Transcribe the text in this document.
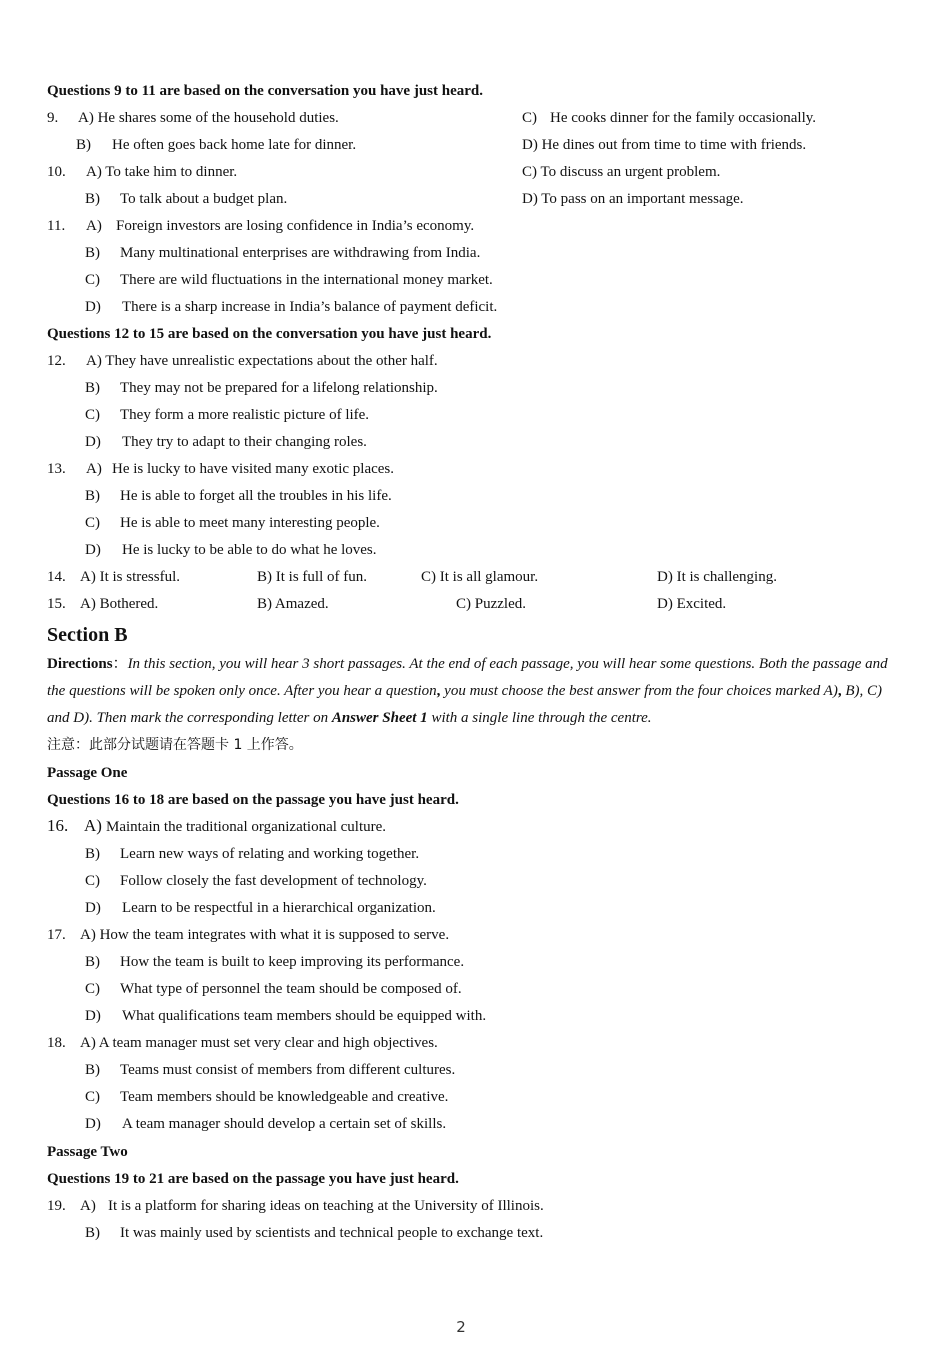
Questions 9 to 11 are based on the conversation you have just heard.
9. A) He shares some of the household duties.	C) He cooks dinner for the family occasionally.
B) He often goes back home late for dinner.	D) He dines out from time to time with friends.
10. A) To take him to dinner.	C) To discuss an urgent problem.
B) To talk about a budget plan.	D) To pass on an important message.
11. A) Foreign investors are losing confidence in India’s economy.
B) Many multinational enterprises are withdrawing from India.
C) There are wild fluctuations in the international money market.
D) There is a sharp increase in India’s balance of payment deficit.
Questions 12 to 15 are based on the conversation you have just heard.
12. A) They have unrealistic expectations about the other half.
B) They may not be prepared for a lifelong relationship.
C) They form a more realistic picture of life.
D) They try to adapt to their changing roles.
13. A) He is lucky to have visited many exotic places.
B) He is able to forget all the troubles in his life.
C) He is able to meet many interesting people.
D) He is lucky to be able to do what he loves.
14. A) It is stressful.	B) It is full of fun.	C) It is all glamour.	D) It is challenging.
15. A) Bothered.	B) Amazed.	C) Puzzled.	D) Excited.
Section B
Directions：In this section, you will hear 3 short passages. At the end of each passage, you will hear some questions. Both the passage and the questions will be spoken only once. After you hear a question, you must choose the best answer from the four choices marked A), B), C) and D). Then mark the corresponding letter on Answer Sheet 1 with a single line through the centre.
注意：此部分试题请在答题卡 1 上作答。
Passage One
Questions 16 to 18 are based on the passage you have just heard.
16. A) Maintain the traditional organizational culture.
B) Learn new ways of relating and working together.
C) Follow closely the fast development of technology.
D) Learn to be respectful in a hierarchical organization.
17. A) How the team integrates with what it is supposed to serve.
B) How the team is built to keep improving its performance.
C) What type of personnel the team should be composed of.
D) What qualifications team members should be equipped with.
18. A) A team manager must set very clear and high objectives.
B) Teams must consist of members from different cultures.
C) Team members should be knowledgeable and creative.
D) A team manager should develop a certain set of skills.
Passage Two
Questions 19 to 21 are based on the passage you have just heard.
19. A) It is a platform for sharing ideas on teaching at the University of Illinois.
B) It was mainly used by scientists and technical people to exchange text.
2
